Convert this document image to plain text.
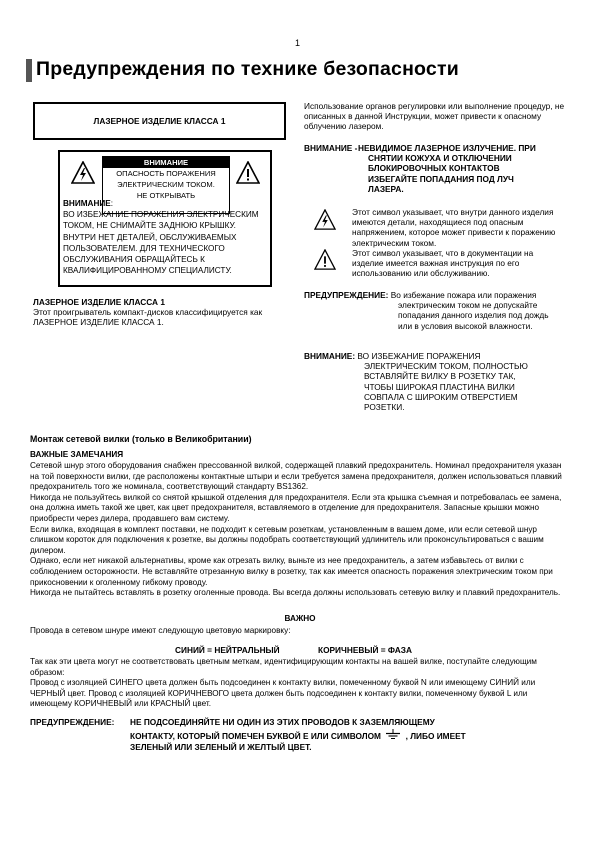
1
Предупреждения по технике безопасности
ЛАЗЕРНОЕ ИЗДЕЛИЕ КЛАССА 1
ВНИМАНИЕ
ОПАСНОСТЬ ПОРАЖЕНИЯ
ЭЛЕКТРИЧЕСКИМ ТОКОМ.
НЕ ОТКРЫВАТЬ
ВНИМАНИЕ:
ВО ИЗБЕЖАНИЕ ПОРАЖЕНИЯ ЭЛЕКТРИЧЕСКИМ ТОКОМ, НЕ СНИМАЙТЕ ЗАДНЮЮ КРЫШКУ. ВНУТРИ НЕТ ДЕТАЛЕЙ, ОБСЛУЖИВАЕМЫХ ПОЛЬЗОВАТЕЛЕМ. ДЛЯ ТЕХНИЧЕСКОГО ОБСЛУЖИВАНИЯ ОБРАЩАЙТЕСЬ К КВАЛИФИЦИРОВАННОМУ СПЕЦИАЛИСТУ.
ЛАЗЕРНОЕ ИЗДЕЛИЕ КЛАССА 1
Этот проигрыватель компакт-дисков классифицируется как ЛАЗЕРНОЕ ИЗДЕЛИЕ КЛАССА 1.
Использование органов регулировки или выполнение процедур, не описанных в данной Инструкции, может привести к опасному облучению лазером.
ВНИМАНИЕ - НЕВИДИМОЕ ЛАЗЕРНОЕ ИЗЛУЧЕНИЕ. ПРИ
СНЯТИИ КОЖУХА И ОТКЛЮЧЕНИИ
БЛОКИРОВОЧНЫХ КОНТАКТОВ
ИЗБЕГАЙТЕ ПОПАДАНИЯ ПОД ЛУЧ
ЛАЗЕРА.
Этот символ указывает, что внутри данного изделия имеются детали, находящиеся под опасным напряжением, которое может привести к поражению электрическим током.
Этот символ указывает, что в документации на изделие имеется важная инструкция по его использованию или обслуживанию.
ПРЕДУПРЕЖДЕНИЕ: Во избежание пожара или поражения
электрическим током не допускайте попадания данного изделия под дождь или в условия высокой влажности.
ВНИМАНИЕ: ВО ИЗБЕЖАНИЕ ПОРАЖЕНИЯ
ЭЛЕКТРИЧЕСКИМ ТОКОМ, ПОЛНОСТЬЮ ВСТАВЛЯЙТЕ ВИЛКУ В РОЗЕТКУ ТАК, ЧТОБЫ ШИРОКАЯ ПЛАСТИНА ВИЛКИ СОВПАЛА С ШИРОКИМ ОТВЕРСТИЕМ РОЗЕТКИ.
Монтаж сетевой вилки (только в Великобритании)
ВАЖНЫЕ ЗАМЕЧАНИЯ
Сетевой шнур этого оборудования снабжен прессованной вилкой, содержащей плавкий предохранитель. Номинал предохранителя указан на той поверхности вилки, где расположены контактные штыри и если требуется замена предохранителя, должен использоваться плавкий предохранитель того же номинала, соответствующий стандарту BS1362.
Никогда не пользуйтесь вилкой со снятой крышкой отделения для предохранителя. Если эта крышка съемная и потребовалась ее замена, она должна иметь такой же цвет, как цвет предохранителя, вставляемого в отделение для предохранителя. Запасные крышки можно приобрести через дилера, продавшего вам систему.
Если вилка, входящая в комплект поставки, не подходит к сетевым розеткам, установленным в вашем доме, или если сетевой шнур слишком короток для подключения к розетке, вы должны подобрать соответствующий удлинитель или проконсультироваться с вашим дилером.
Однако, если нет никакой альтернативы, кроме как отрезать вилку, выньте из нее предохранитель, а затем избавьтесь от вилки с соблюдением осторожности. Не вставляйте отрезанную вилку в розетку, так как имеется опасность поражения электрическим током при прикосновении к оголенному гибкому проводу.
Никогда не пытайтесь вставлять в розетку оголенные провода. Вы всегда должны использовать сетевую вилку и плавкий предохранитель.
ВАЖНО
Провода в сетевом шнуре имеют следующую цветовую маркировку:
СИНИЙ = НЕЙТРАЛЬНЫЙ	КОРИЧНЕВЫЙ = ФАЗА
Так как эти цвета могут не соответствовать цветным меткам, идентифицирующим контакты на вашей вилке, поступайте следующим образом:
Провод с изоляцией СИНЕГО цвета должен быть подсоединен к контакту вилки, помеченному буквой N или имеющему СИНИЙ или ЧЕРНЫЙ цвет. Провод с изоляцией КОРИЧНЕВОГО цвета должен быть подсоединен к контакту вилки, помеченному буквой L или имеющему КОРИЧНЕВЫЙ или КРАСНЫЙ цвет.
ПРЕДУПРЕЖДЕНИЕ: НЕ ПОДСОЕДИНЯЙТЕ НИ ОДИН ИЗ ЭТИХ ПРОВОДОВ К ЗАЗЕМЛЯЮЩЕМУ
КОНТАКТУ, КОТОРЫЙ ПОМЕЧЕН БУКВОЙ Е ИЛИ СИМВОЛОМ	, ЛИБО ИМЕЕТ
ЗЕЛЕНЫЙ ИЛИ ЗЕЛЕНЫЙ И ЖЕЛТЫЙ ЦВЕТ.
